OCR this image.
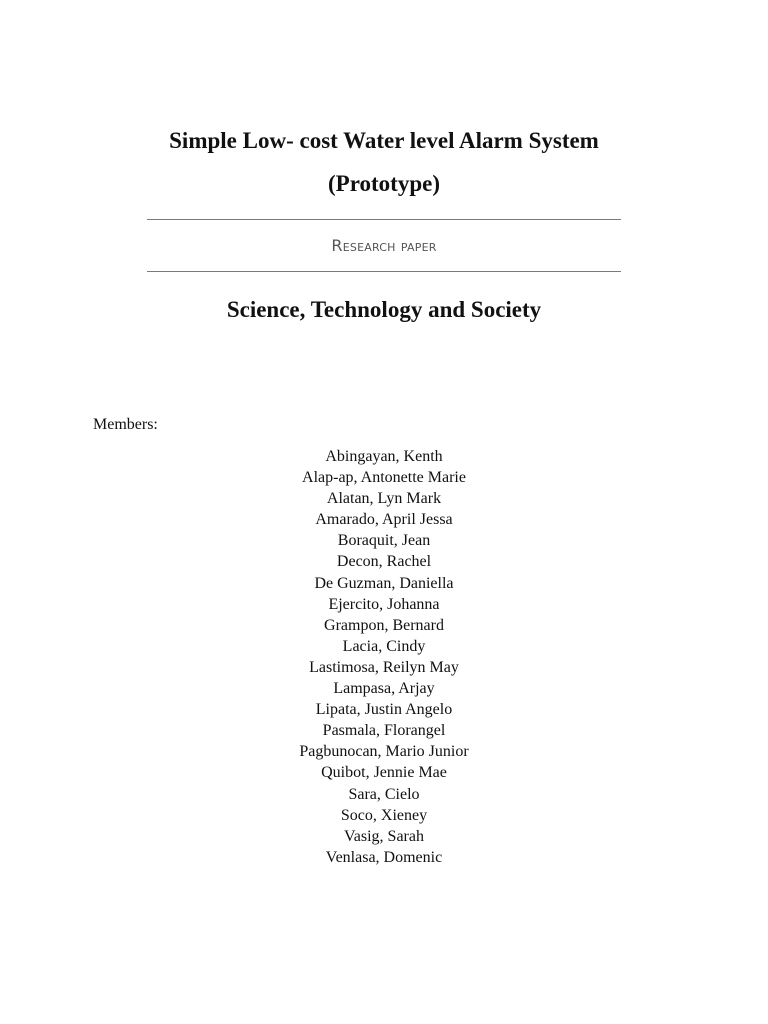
Simple Low- cost Water level Alarm System
(Prototype)
Research paper
Science, Technology and Society
Members:
Abingayan, Kenth
Alap-ap, Antonette Marie
Alatan, Lyn Mark
Amarado, April Jessa
Boraquit, Jean
Decon, Rachel
De Guzman, Daniella
Ejercito, Johanna
Grampon, Bernard
Lacia, Cindy
Lastimosa, Reilyn May
Lampasa, Arjay
Lipata, Justin Angelo
Pasmala, Florangel
Pagbunocan, Mario Junior
Quibot, Jennie Mae
Sara, Cielo
Soco, Xieney
Vasig, Sarah
Venlasa, Domenic
